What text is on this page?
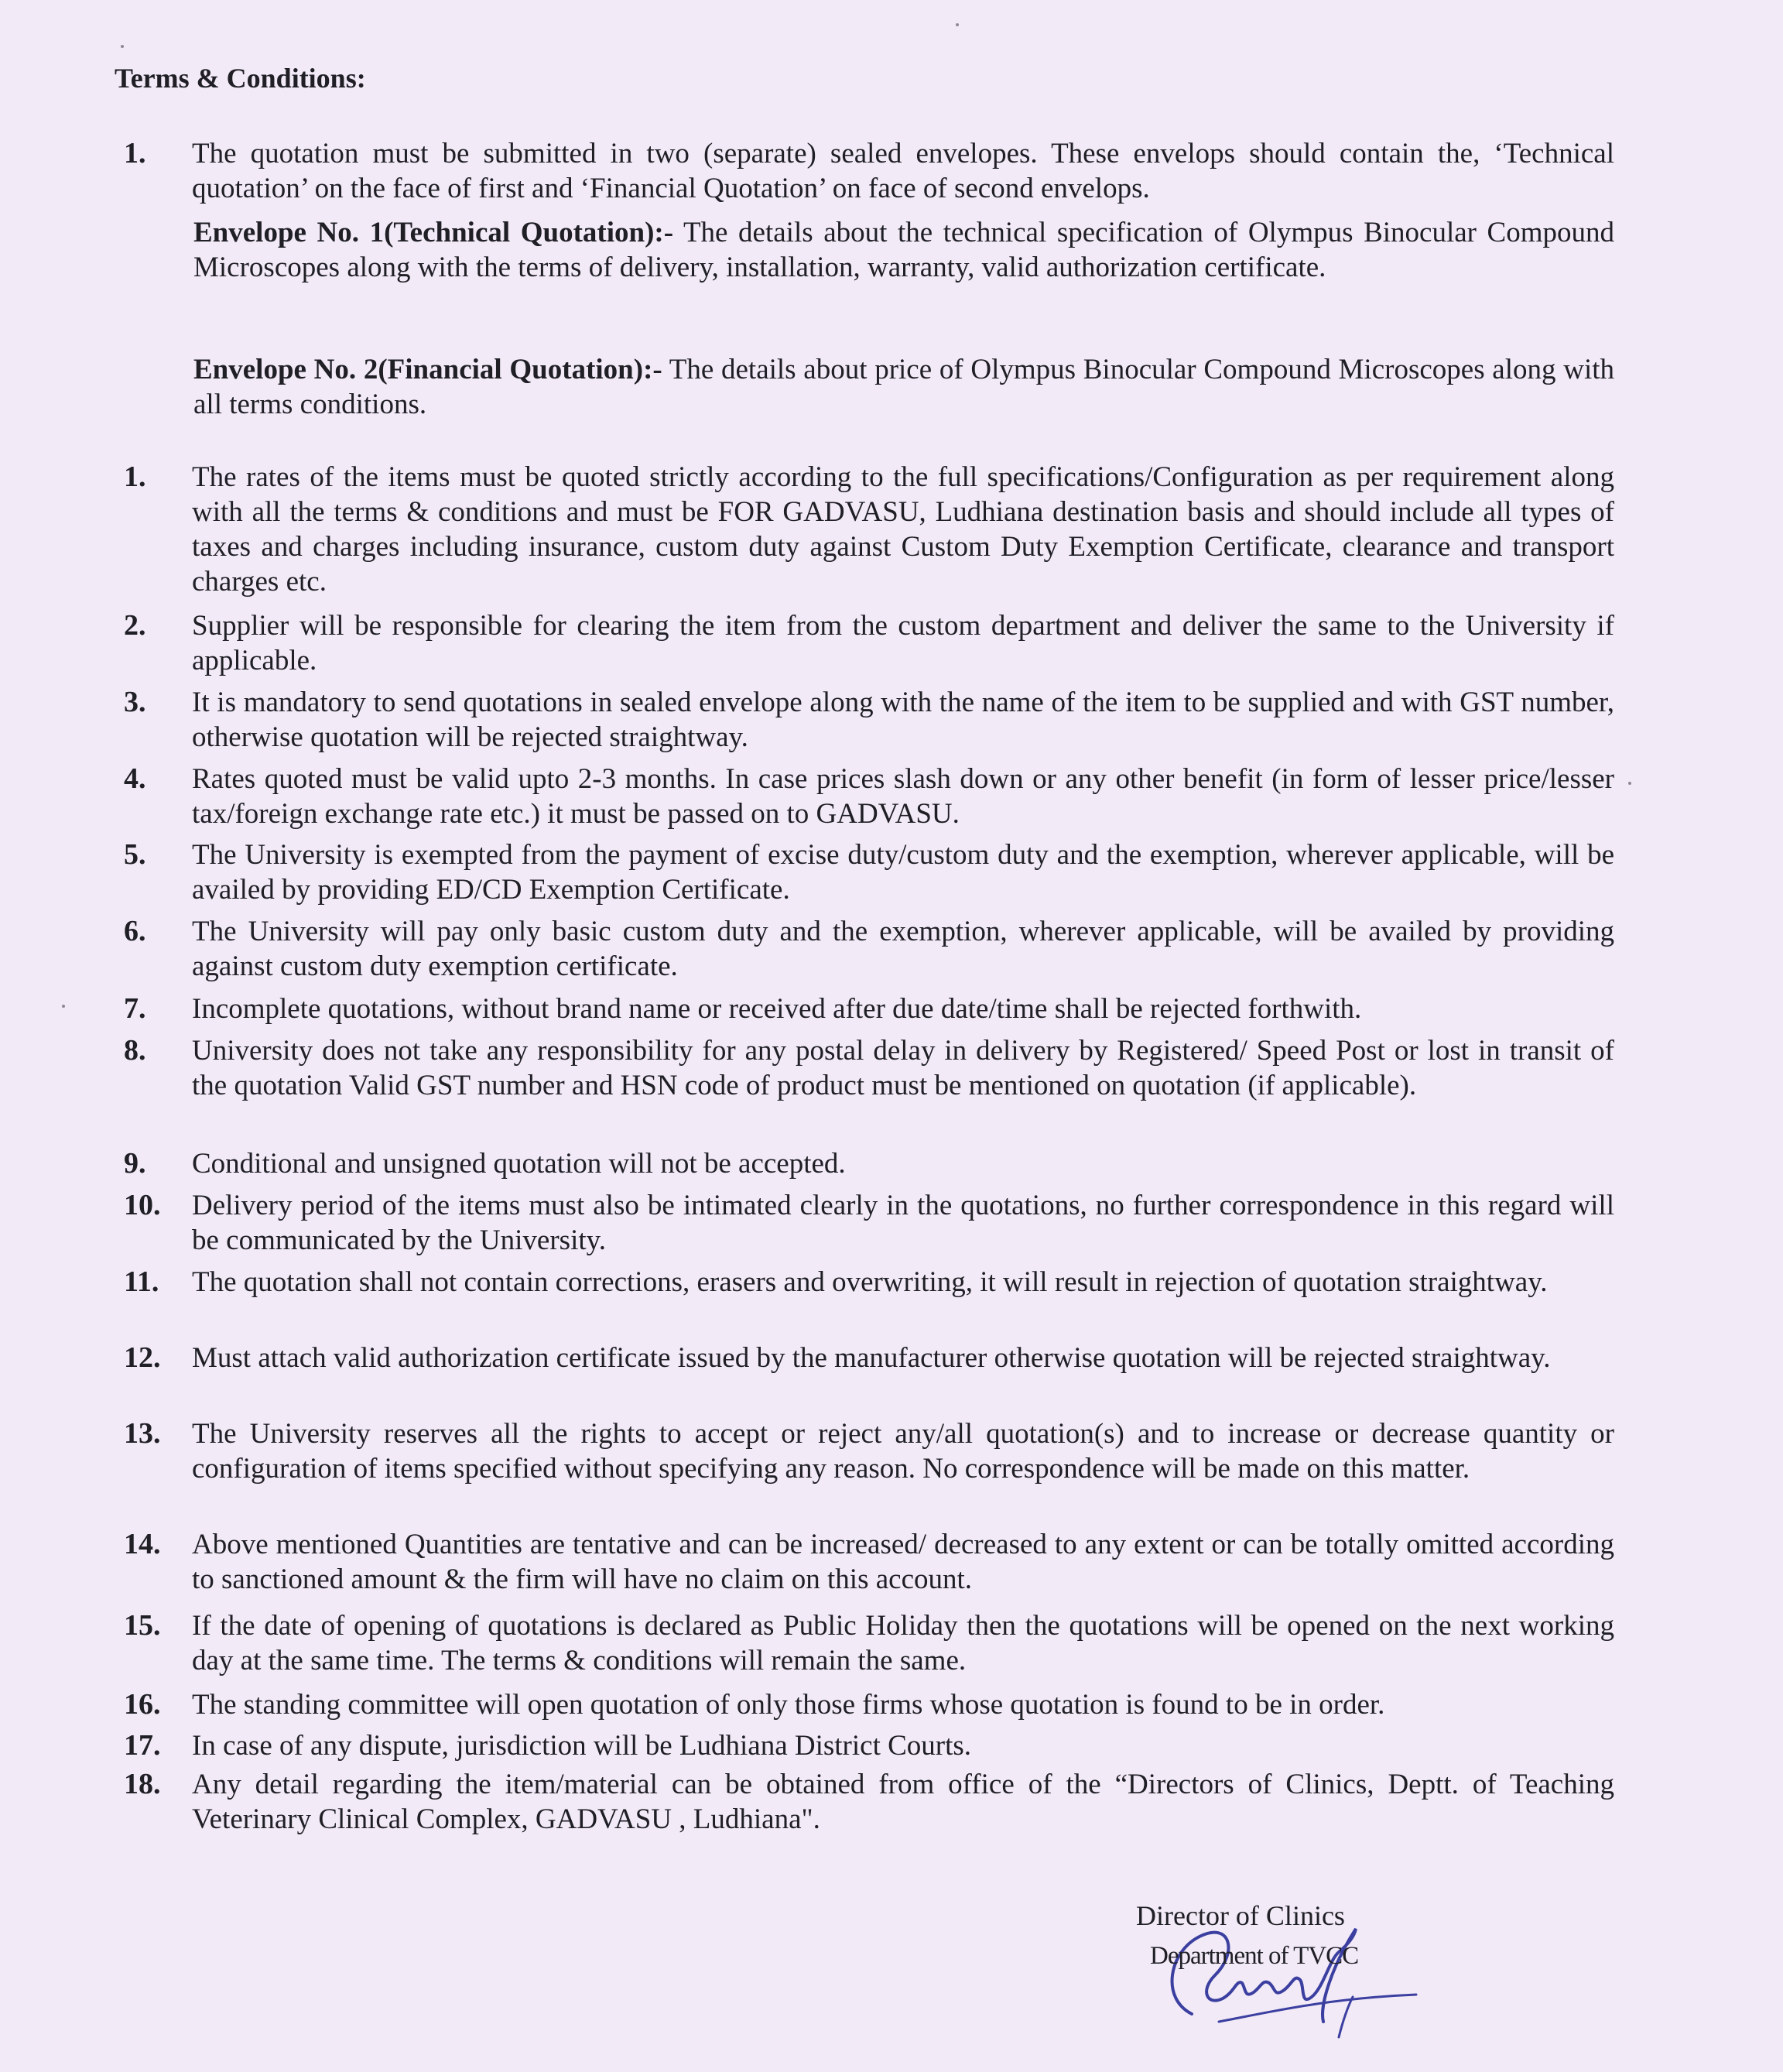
Terms & Conditions:
1. The quotation must be submitted in two (separate) sealed envelopes. These envelops should contain the, ‘Technical quotation’ on the face of first and ‘Financial Quotation’ on face of second envelops.
Envelope No. 1(Technical Quotation):- The details about the technical specification of Olympus Binocular Compound Microscopes along with the terms of delivery, installation, warranty, valid authorization certificate.
Envelope No. 2(Financial Quotation):- The details about price of Olympus Binocular Compound Microscopes along with all terms conditions.
1. The rates of the items must be quoted strictly according to the full specifications/Configuration as per requirement along with all the terms & conditions and must be FOR GADVASU, Ludhiana destination basis and should include all types of taxes and charges including insurance, custom duty against Custom Duty Exemption Certificate, clearance and transport charges etc.
2. Supplier will be responsible for clearing the item from the custom department and deliver the same to the University if applicable.
3. It is mandatory to send quotations in sealed envelope along with the name of the item to be supplied and with GST number, otherwise quotation will be rejected straightway.
4. Rates quoted must be valid upto 2-3 months. In case prices slash down or any other benefit (in form of lesser price/lesser tax/foreign exchange rate etc.) it must be passed on to GADVASU.
5. The University is exempted from the payment of excise duty/custom duty and the exemption, wherever applicable, will be availed by providing ED/CD Exemption Certificate.
6. The University will pay only basic custom duty and the exemption, wherever applicable, will be availed by providing against custom duty exemption certificate.
7. Incomplete quotations, without brand name or received after due date/time shall be rejected forthwith.
8. University does not take any responsibility for any postal delay in delivery by Registered/ Speed Post or lost in transit of the quotation Valid GST number and HSN code of product must be mentioned on quotation (if applicable).
9. Conditional and unsigned quotation will not be accepted.
10. Delivery period of the items must also be intimated clearly in the quotations, no further correspondence in this regard will be communicated by the University.
11. The quotation shall not contain corrections, erasers and overwriting, it will result in rejection of quotation straightway.
12. Must attach valid authorization certificate issued by the manufacturer otherwise quotation will be rejected straightway.
13. The University reserves all the rights to accept or reject any/all quotation(s) and to increase or decrease quantity or configuration of items specified without specifying any reason. No correspondence will be made on this matter.
14. Above mentioned Quantities are tentative and can be increased/ decreased to any extent or can be totally omitted according to sanctioned amount & the firm will have no claim on this account.
15. If the date of opening of quotations is declared as Public Holiday then the quotations will be opened on the next working day at the same time. The terms & conditions will remain the same.
16. The standing committee will open quotation of only those firms whose quotation is found to be in order.
17. In case of any dispute, jurisdiction will be Ludhiana District Courts.
18. Any detail regarding the item/material can be obtained from office of the “Directors of Clinics, Deptt. of Teaching Veterinary Clinical Complex, GADVASU , Ludhiana".
Director of Clinics
Department of TVCC
